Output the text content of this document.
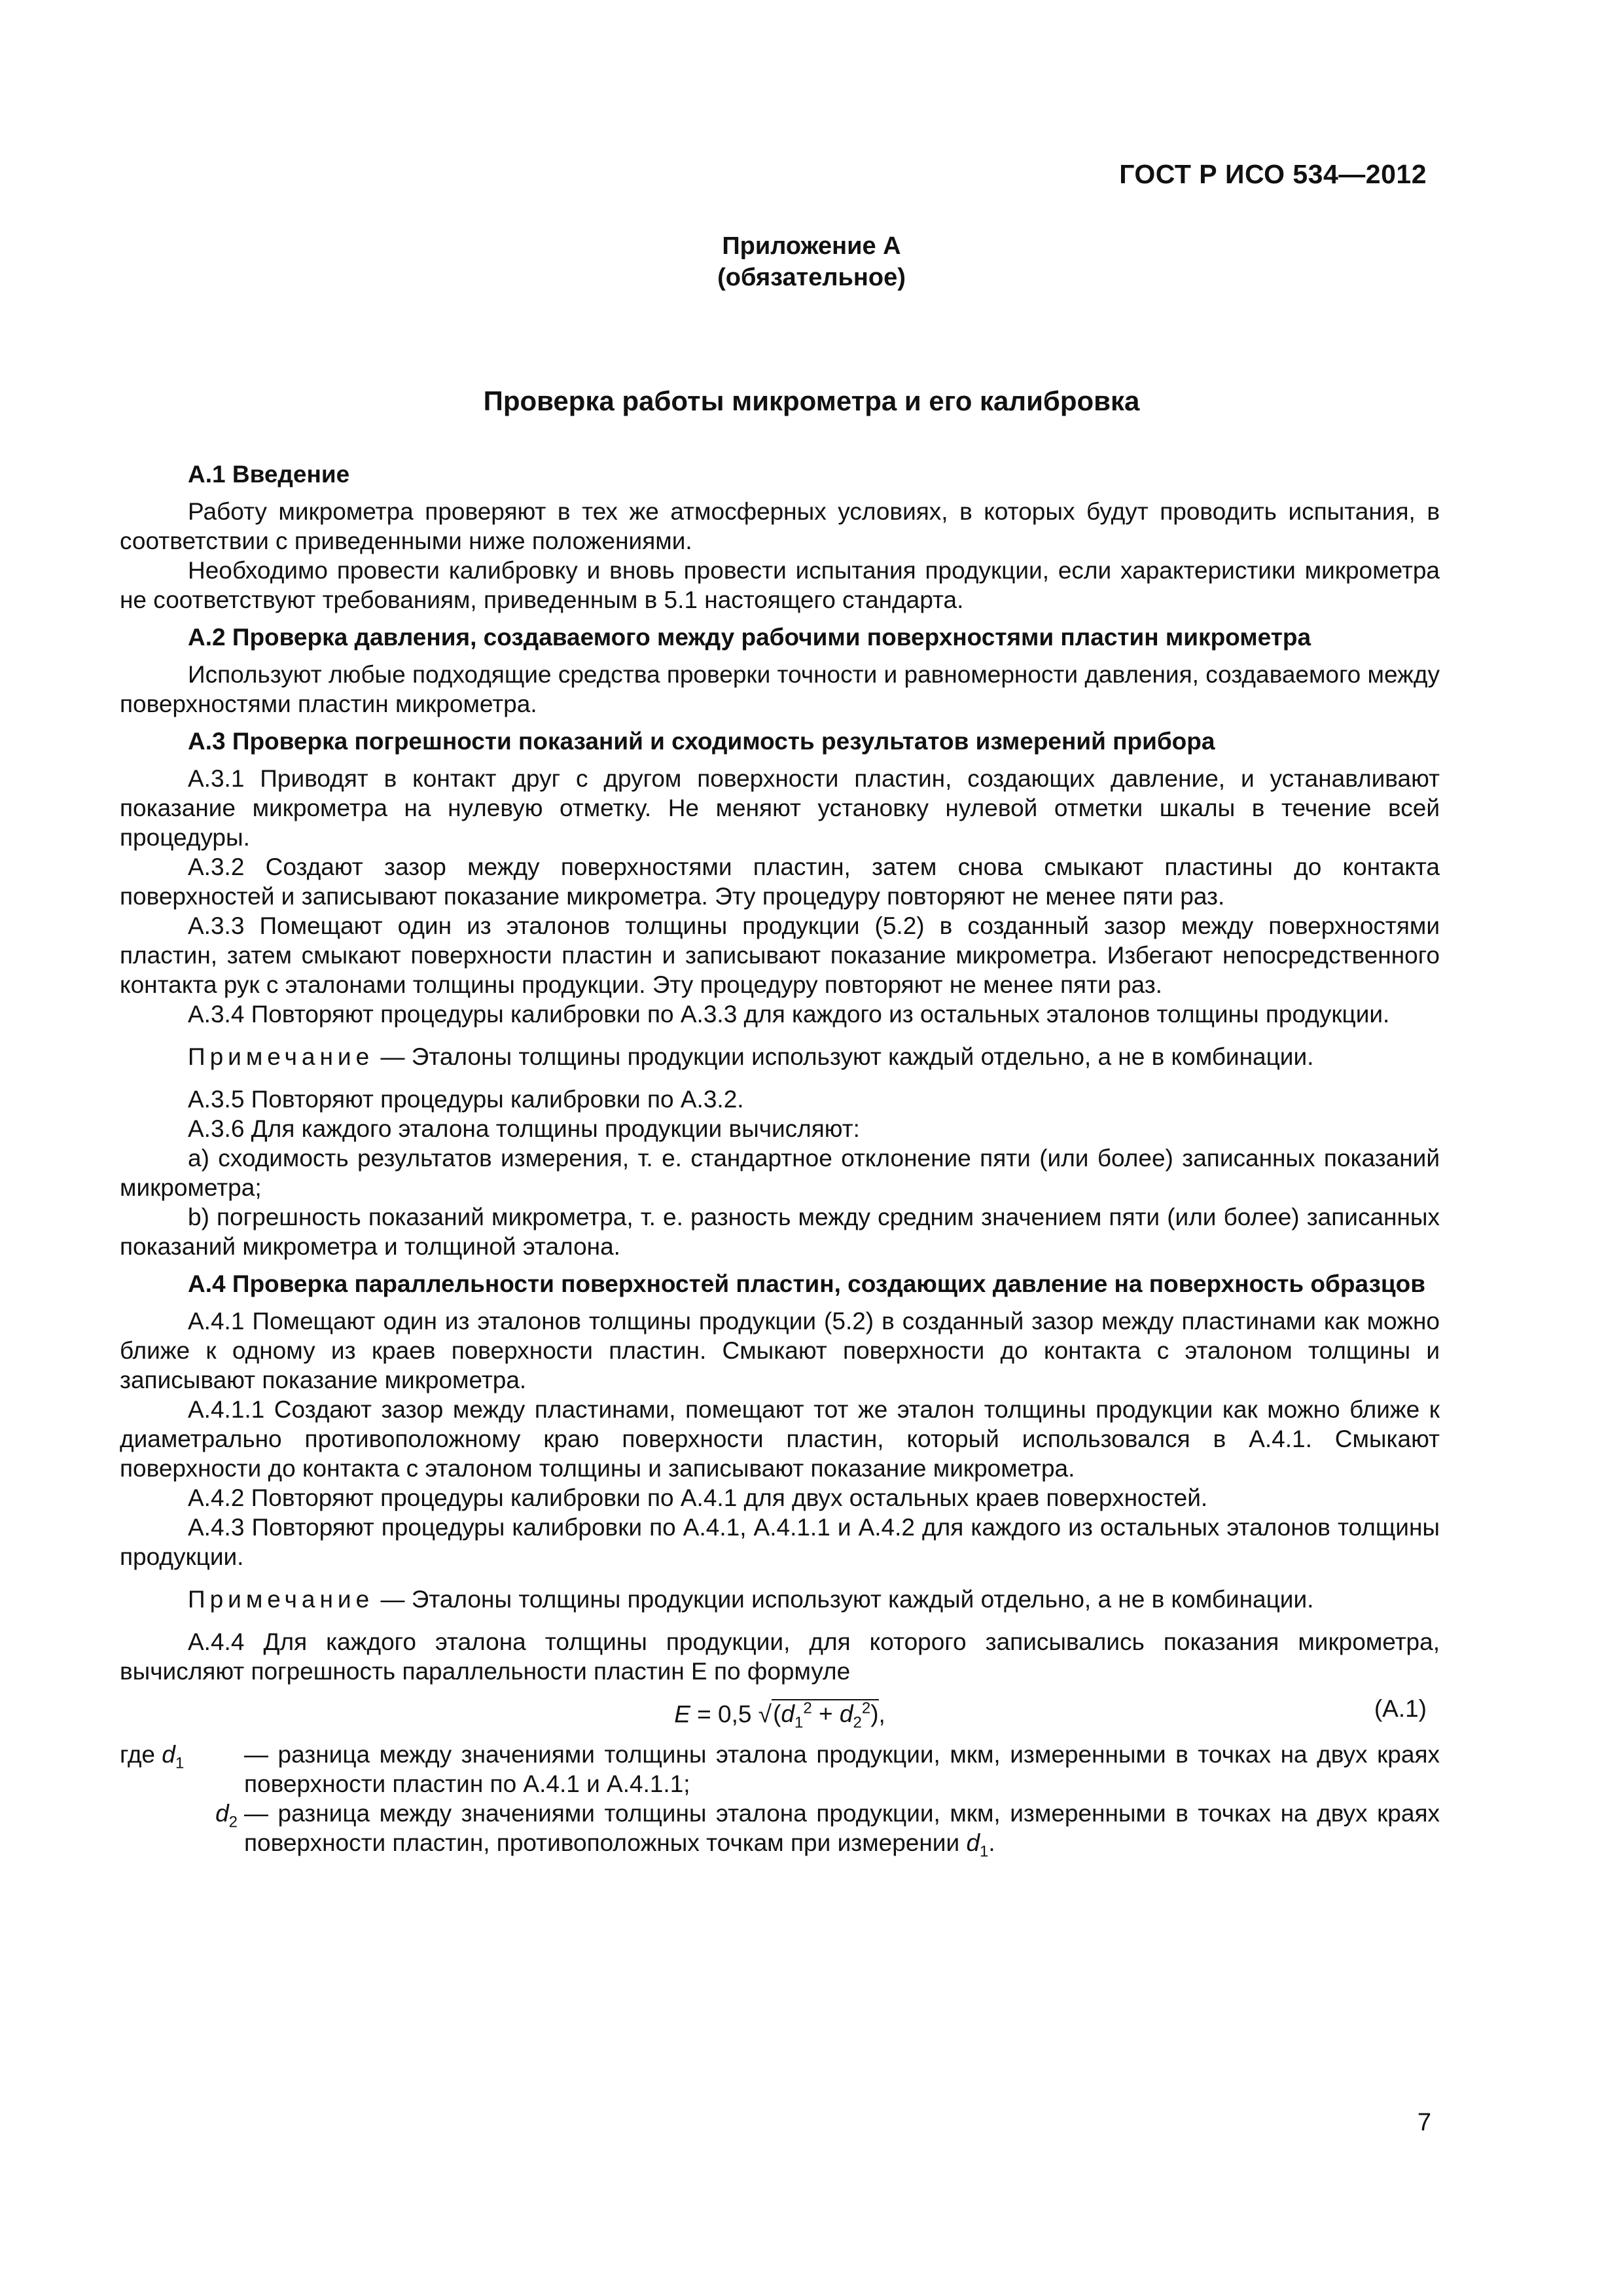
ГОСТ Р ИСО 534—2012
Приложение А
(обязательное)
Проверка работы микрометра и его калибровка

А.1 Введение

Работу микрометра проверяют в тех же атмосферных условиях, в которых будут проводить испытания, в соответствии с приведенными ниже положениями.

Необходимо провести калибровку и вновь провести испытания продукции, если характеристики микрометра не соответствуют требованиям, приведенным в 5.1 настоящего стандарта.

А.2 Проверка давления, создаваемого между рабочими поверхностями пластин микрометра

Используют любые подходящие средства проверки точности и равномерности давления, создаваемого между поверхностями пластин микрометра.

А.3 Проверка погрешности показаний и сходимость результатов измерений прибора

А.3.1 Приводят в контакт друг с другом поверхности пластин, создающих давление, и устанавливают показание микрометра на нулевую отметку. Не меняют установку нулевой отметки шкалы в течение всей процедуры.

А.3.2 Создают зазор между поверхностями пластин, затем снова смыкают пластины до контакта поверхностей и записывают показание микрометра. Эту процедуру повторяют не менее пяти раз.

А.3.3 Помещают один из эталонов толщины продукции (5.2) в созданный зазор между поверхностями пластин, затем смыкают поверхности пластин и записывают показание микрометра. Избегают непосредственного контакта рук с эталонами толщины продукции. Эту процедуру повторяют не менее пяти раз.

А.3.4 Повторяют процедуры калибровки по А.3.3 для каждого из остальных эталонов толщины продукции.

Примечание — Эталоны толщины продукции используют каждый отдельно, а не в комбинации.

А.3.5 Повторяют процедуры калибровки по А.3.2.

А.3.6 Для каждого эталона толщины продукции вычисляют:

а) сходимость результатов измерения, т. е. стандартное отклонение пяти (или более) записанных показаний микрометра;

b) погрешность показаний микрометра, т. е. разность между средним значением пяти (или более) записанных показаний микрометра и толщиной эталона.

А.4 Проверка параллельности поверхностей пластин, создающих давление на поверхность образцов

А.4.1 Помещают один из эталонов толщины продукции (5.2) в созданный зазор между пластинами как можно ближе к одному из краев поверхности пластин. Смыкают поверхности до контакта с эталоном толщины и записывают показание микрометра.

А.4.1.1 Создают зазор между пластинами, помещают тот же эталон толщины продукции как можно ближе к диаметрально противоположному краю поверхности пластин, который использовался в А.4.1. Смыкают поверхности до контакта с эталоном толщины и записывают показание микрометра.

А.4.2 Повторяют процедуры калибровки по А.4.1 для двух остальных краев поверхностей.

А.4.3 Повторяют процедуры калибровки по А.4.1, А.4.1.1 и А.4.2 для каждого из остальных эталонов толщины продукции.

Примечание — Эталоны толщины продукции используют каждый отдельно, а не в комбинации.

А.4.4 Для каждого эталона толщины продукции, для которого записывались показания микрометра, вычисляют погрешность параллельности пластин E по формуле

E = 0,5 $√(d_1^2 + d_2^2)$,	(А.1)
где $d_1$	— разница между значениями толщины эталона продукции, мкм, измеренными в точках на двух краях поверхности пластин по А.4.1 и А.4.1.1;
$d_2$ — разница между значениями толщины эталона продукции, мкм, измеренными в точках на двух краях поверхности пластин, противоположных точкам при измерении $d_1$.
7
